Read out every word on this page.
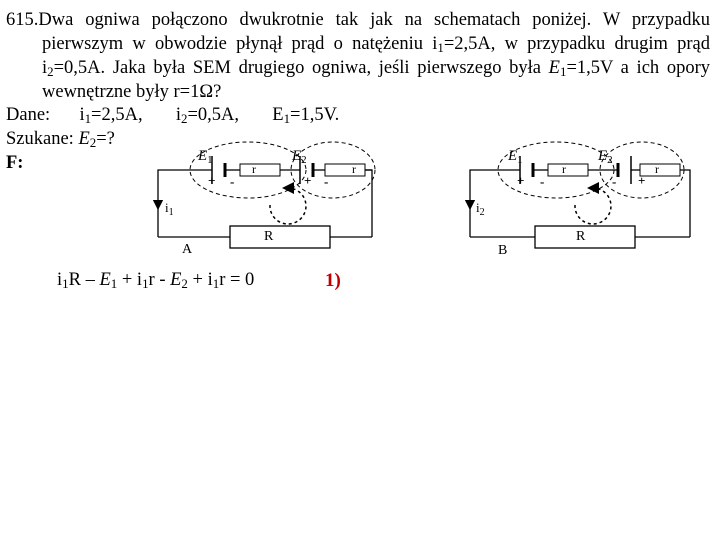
615.Dwa ogniwa połączono dwukrotnie tak jak na schematach poniżej. W przypadku pierwszym w obwodzie płynął prąd o natężeniu $i_1=2,5A$, w przypadku drugim prąd $i_2=0,5A$. Jaka była SEM drugiego ogniwa, jeśli pierwszego była $E_1=1,5V$ a ich opory wewnętrzne były r=1Ω?

Dane: $i_1=2,5A$, $i_2=0,5A$, $E_1=1,5V$.
Szukane: $E_2=$?
F:	$E_1$
r
$E_2$
r
+ -	+ -
$i_1$
R
A
$E_1$
r
$E_2$
r
+ -	- +
$i_2$
R
B
$i_1R - E_1 + i_1r - E_2 + i_1r = 0$	1)
